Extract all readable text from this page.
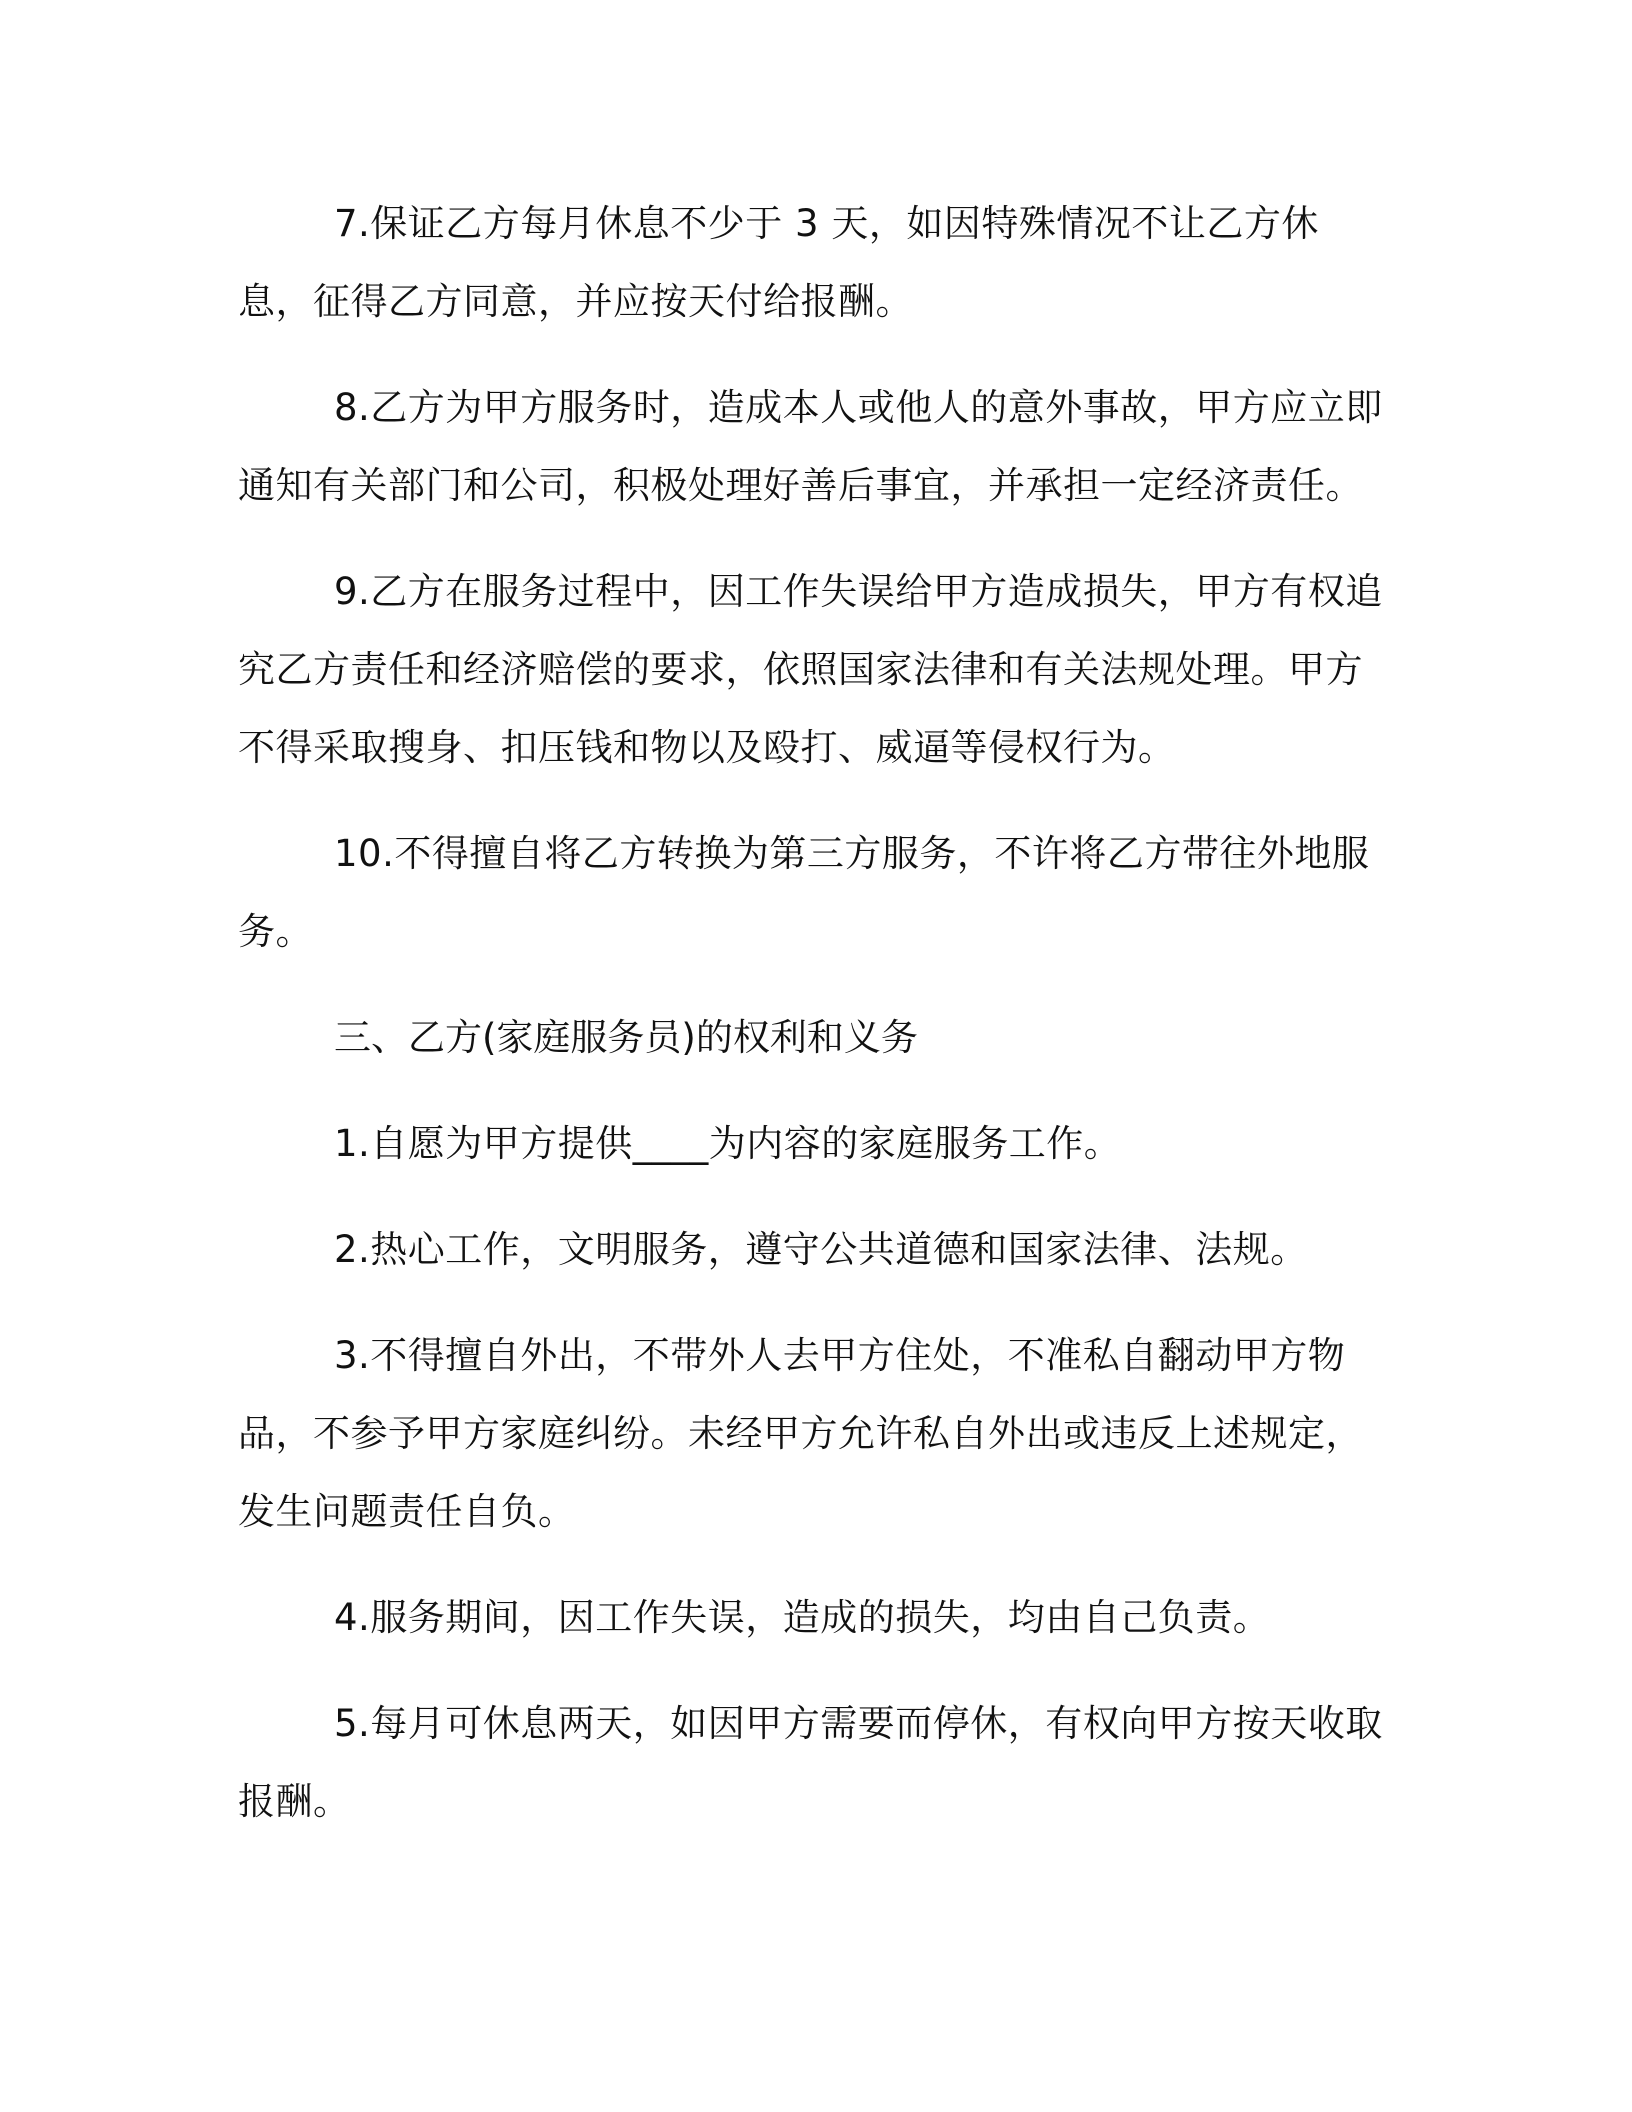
7.保证乙方每月休息不少于 3 天，如因特殊情况不让乙方休息，征得乙方同意，并应按天付给报酬。

8.乙方为甲方服务时，造成本人或他人的意外事故，甲方应立即通知有关部门和公司，积极处理好善后事宜，并承担一定经济责任。

9.乙方在服务过程中，因工作失误给甲方造成损失，甲方有权追究乙方责任和经济赔偿的要求，依照国家法律和有关法规处理。甲方不得采取搜身、扣压钱和物以及殴打、威逼等侵权行为。

10.不得擅自将乙方转换为第三方服务，不许将乙方带往外地服务。

三、乙方(家庭服务员)的权利和义务

1.自愿为甲方提供____为内容的家庭服务工作。

2.热心工作，文明服务，遵守公共道德和国家法律、法规。

3.不得擅自外出，不带外人去甲方住处，不准私自翻动甲方物品，不参予甲方家庭纠纷。未经甲方允许私自外出或违反上述规定，发生问题责任自负。

4.服务期间，因工作失误，造成的损失，均由自己负责。

5.每月可休息两天，如因甲方需要而停休，有权向甲方按天收取报酬。
